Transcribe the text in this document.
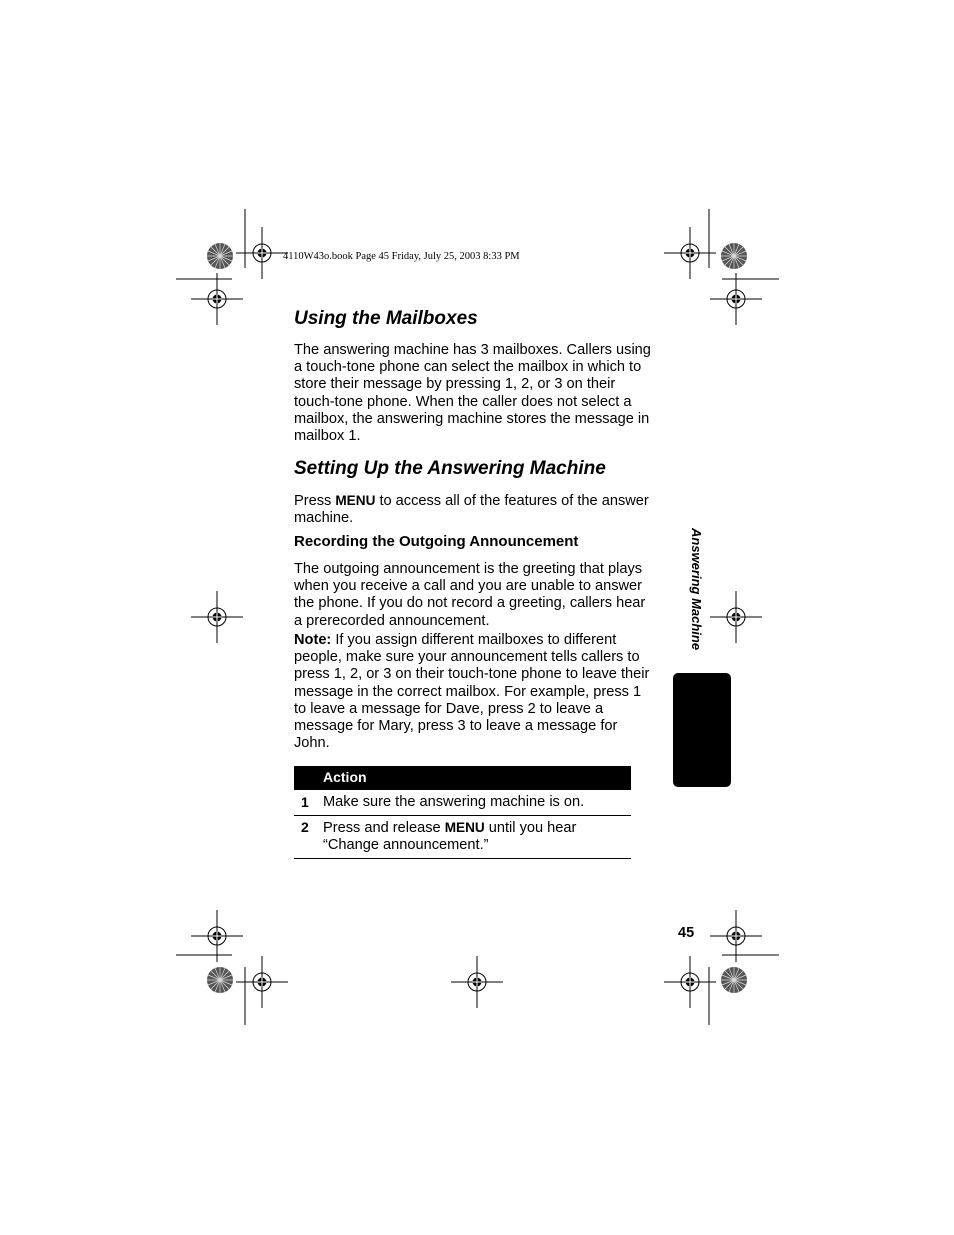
4110W43o.book Page 45 Friday, July 25, 2003 8:33 PM
Using the Mailboxes

The answering machine has 3 mailboxes. Callers using a touch-tone phone can select the mailbox in which to store their message by pressing 1, 2, or 3 on their touch-tone phone. When the caller does not select a mailbox, the answering machine stores the message in mailbox 1.

Setting Up the Answering Machine

Press MENU to access all of the features of the answer machine.

Recording the Outgoing Announcement

The outgoing announcement is the greeting that plays when you receive a call and you are unable to answer the phone. If you do not record a greeting, callers hear a prerecorded announcement.

Note: If you assign different mailboxes to different people, make sure your announcement tells callers to press 1, 2, or 3 on their touch-tone phone to leave their message in the correct mailbox. For example, press 1 to leave a message for Dave, press 2 to leave a message for Mary, press 3 to leave a message for John.

Action
1 Make sure the answering machine is on.
2 Press and release MENU until you hear “Change announcement.”
Answering Machine
45
